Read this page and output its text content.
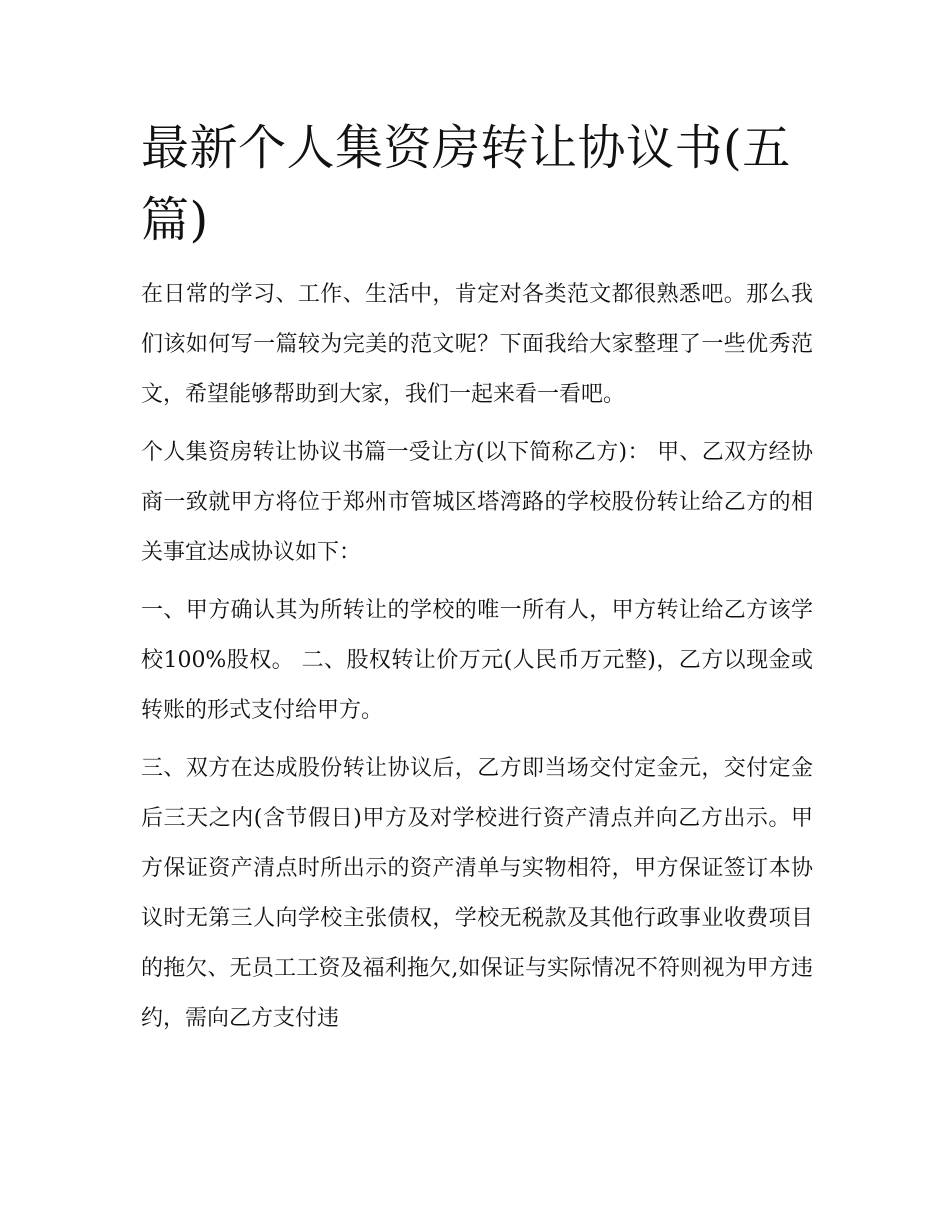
最新个人集资房转让协议书(五篇)

在日常的学习、工作、生活中，肯定对各类范文都很熟悉吧。那么我们该如何写一篇较为完美的范文呢？下面我给大家整理了一些优秀范文，希望能够帮助到大家，我们一起来看一看吧。

个人集资房转让协议书篇一受让方(以下简称乙方)： 甲、乙双方经协商一致就甲方将位于郑州市管城区塔湾路的学校股份转让给乙方的相关事宜达成协议如下：

一、甲方确认其为所转让的学校的唯一所有人，甲方转让给乙方该学校100%股权。 二、股权转让价万元(人民币万元整)，乙方以现金或转账的形式支付给甲方。

三、双方在达成股份转让协议后，乙方即当场交付定金元，交付定金后三天之内(含节假日)甲方及对学校进行资产清点并向乙方出示。甲方保证资产清点时所出示的资产清单与实物相符，甲方保证签订本协议时无第三人向学校主张债权，学校无税款及其他行政事业收费项目的拖欠、无员工工资及福利拖欠,如保证与实际情况不符则视为甲方违约，需向乙方支付违
